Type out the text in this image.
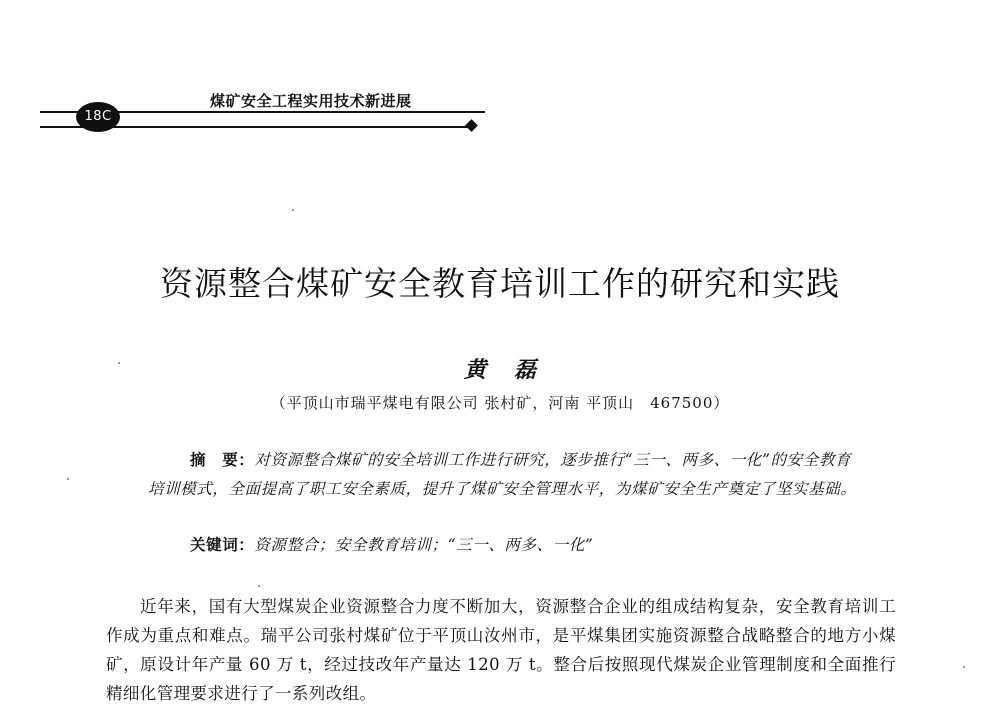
18C
煤矿安全工程实用技术新进展
资源整合煤矿安全教育培训工作的研究和实践
黄磊
（平顶山市瑞平煤电有限公司 张村矿，河南 平顶山　467500）
摘　要：对资源整合煤矿的安全培训工作进行研究，逐步推行“三一、两多、一化”的安全教育培训模式，全面提高了职工安全素质，提升了煤矿安全管理水平，为煤矿安全生产奠定了坚实基础。
关键词：资源整合；安全教育培训；“三一、两多、一化”
近年来，国有大型煤炭企业资源整合力度不断加大，资源整合企业的组成结构复杂，安全教育培训工作成为重点和难点。瑞平公司张村煤矿位于平顶山汝州市，是平煤集团实施资源整合战略整合的地方小煤矿，原设计年产量 60 万 t，经过技改年产量达 120 万 t。整合后按照现代煤炭企业管理制度和全面推行精细化管理要求进行了一系列改组。
